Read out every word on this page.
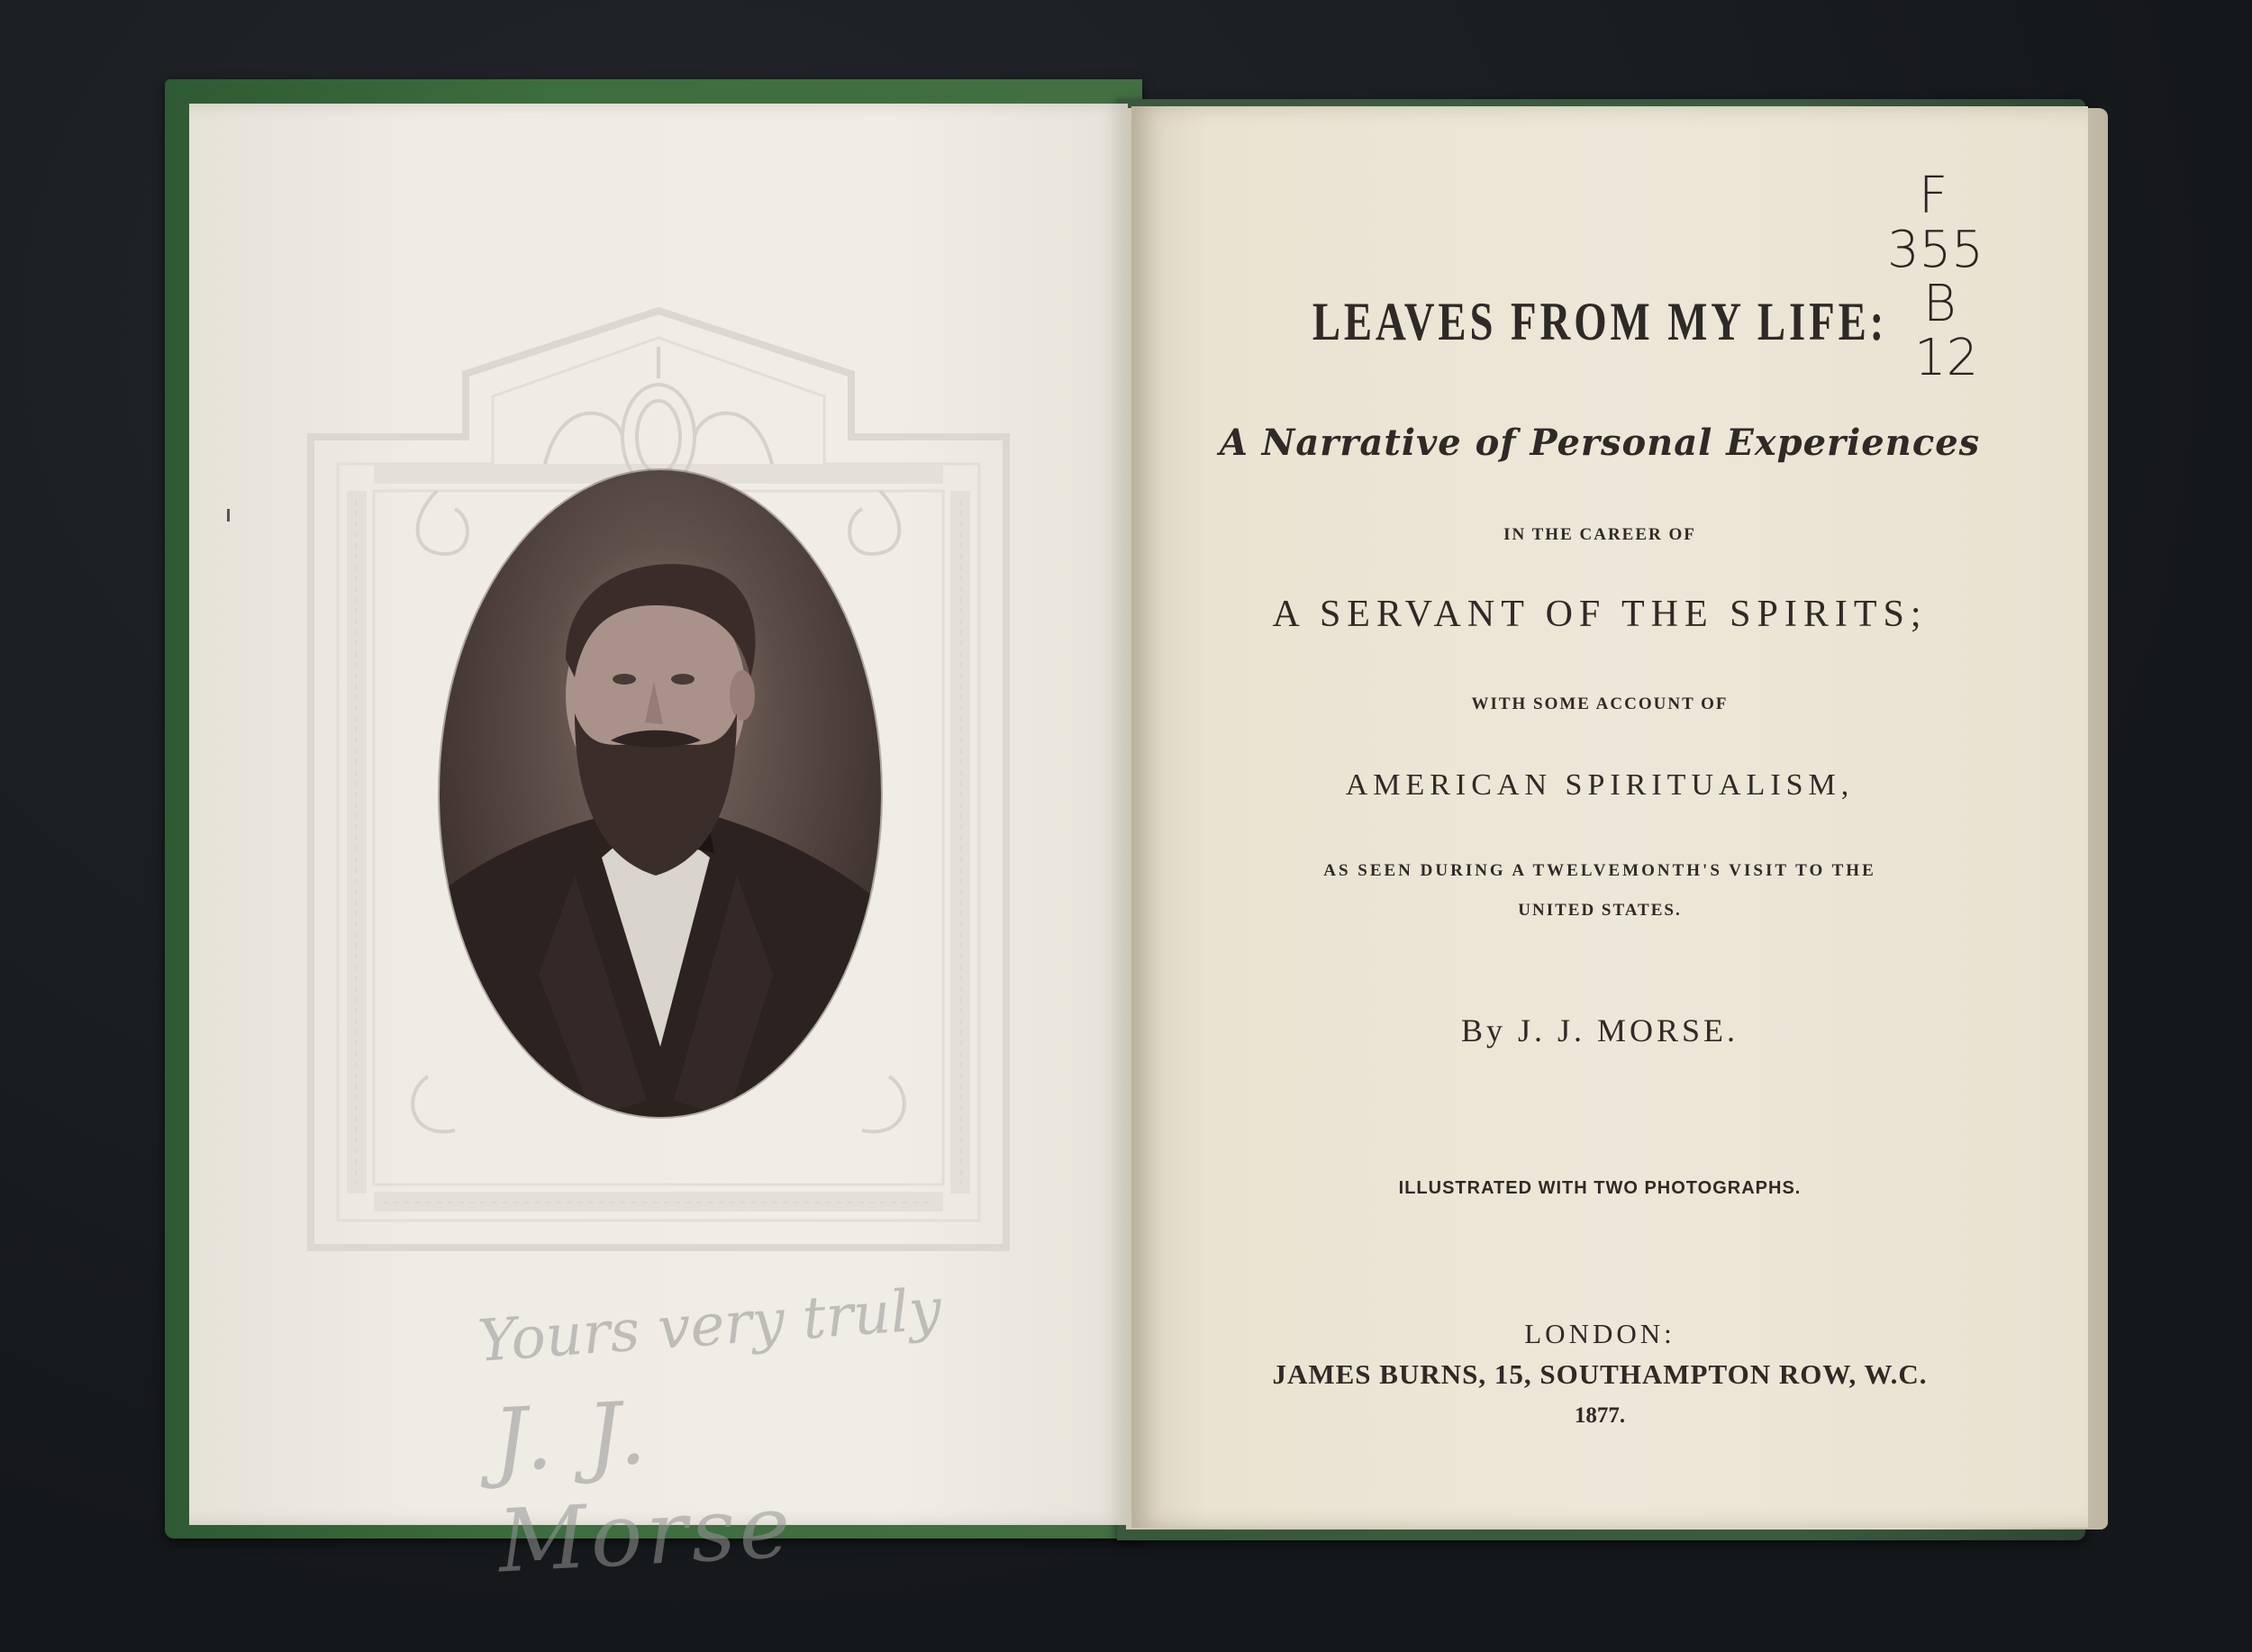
Yours very truly
J. J. Morse
LEAVES FROM MY LIFE:
A Narrative of Personal Experiences
IN THE CAREER OF
A SERVANT OF THE SPIRITS;
WITH SOME ACCOUNT OF
AMERICAN SPIRITUALISM,
AS SEEN DURING A TWELVEMONTH'S VISIT TO THE
UNITED STATES.
By J. J. MORSE.
ILLUSTRATED WITH TWO PHOTOGRAPHS.
LONDON:
JAMES BURNS, 15, SOUTHAMPTON ROW, W.C.
1877.
F
355
B
12
